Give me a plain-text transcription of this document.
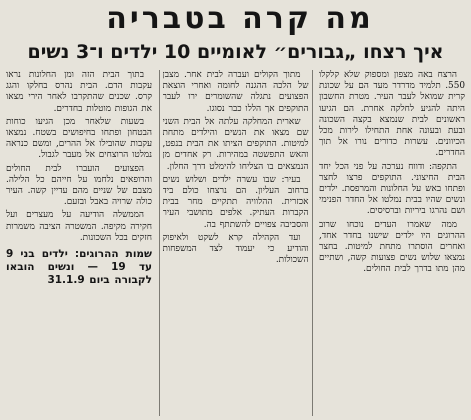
מה קרה בטבריה
איך רצחו „גבורים״ לאומיים 10 ילדים ו־3 נשים

הרצח באה מצפון ומספוק שלא קלקלו 550. תלמיד מדרדר מעד הם על שכונת קרית שמואל לעבר העיר. מטרת החשבון היתה להגיע לחלקה אחרת. הם הגיעו ראשונים לבית שנמצא בקצה השכונה ובעת ובעונה אחת התחילו לירות מכל הכיוונים. עשרות כדורים נורו אל תוך החדרים.

התקפה: ודווח נערכה על פני הכל יחד הבית החיצוני. התוקפים פרצו לחצר ופתחו באש על החלונות והמרפסת. ילדים ונשים שהיו בבית נמלטו אל החדר הפנימי ושם נהרגו ביריות וברסיסים.

ממה שאמרו העדים נוכחו שרוב ההרוגים היו ילדים שישנו בחדר אחד, ואחרים הוסתרו מתחת למיטות. בחצר נמצאו שלוש נשים פצועות קשה, ושתיים מהן מתו בדרך לבית החולים.

מתוך הקולים ועברה לבית אחר. מצבן של הלכה ההגנה לחומה ואחרי הוצאת הפצועים נתגלה שהשומרים ירו לעבר התוקפים אך הללו כבר נסוגו.

שארית המחלקה עלתה אל הבית השני שם מצאו את הנשים והילדים מתחת למיטות. התוקפים הציתו את הבית בנפט, והאש התפשטה במהירות. רק אחדים מן הנמצאים בו הצליחו להימלט דרך החלון.

בעיר: שבו עשרה ילדים ושלוש נשים ברחוב העליון. הם נרצחו כולם ביד אכזרית. ההלוויה תתקיים מחר בבית הקברות העתיק. אלפים מתושבי העיר והסביבה צפויים להשתתף בה.

ועד הקהילה קרא לשקט ולאיפוק והודיע כי יעמוד לצד המשפחות השכולות.

בתוך הבית הזה ומן החלונות נראו עקבות הדם. הבית נהרס בחלקו והגג קרס. שכנים שהתקרבו לאחר הירי מצאו את הגופות מוטלות בחדרים.

בשעות שלאחר מכן הגיעו כוחות הבטחון ופתחו בחיפושים בשטח. נמצאו עקבות שהובילו אל ההרים, ומשם כנראה נמלטו הרוצחים אל מעבר לגבול.

הפצועים הועברו לבית החולים והרופאים נלחמו על חייהם כל הלילה. מצבם של שניים מהם עדיין קשה. העיר כולה שרויה באבל ובזעם.

הממשלה הודיעה על מעצרים ועל חקירה מקיפה. המשטרה הציבה משמרות חזקים בכל השכונות.

שמות ההרוגים: ילדים בני 9 עד 19 — ונשים הובאו לקבורה ביום 31.1.9
